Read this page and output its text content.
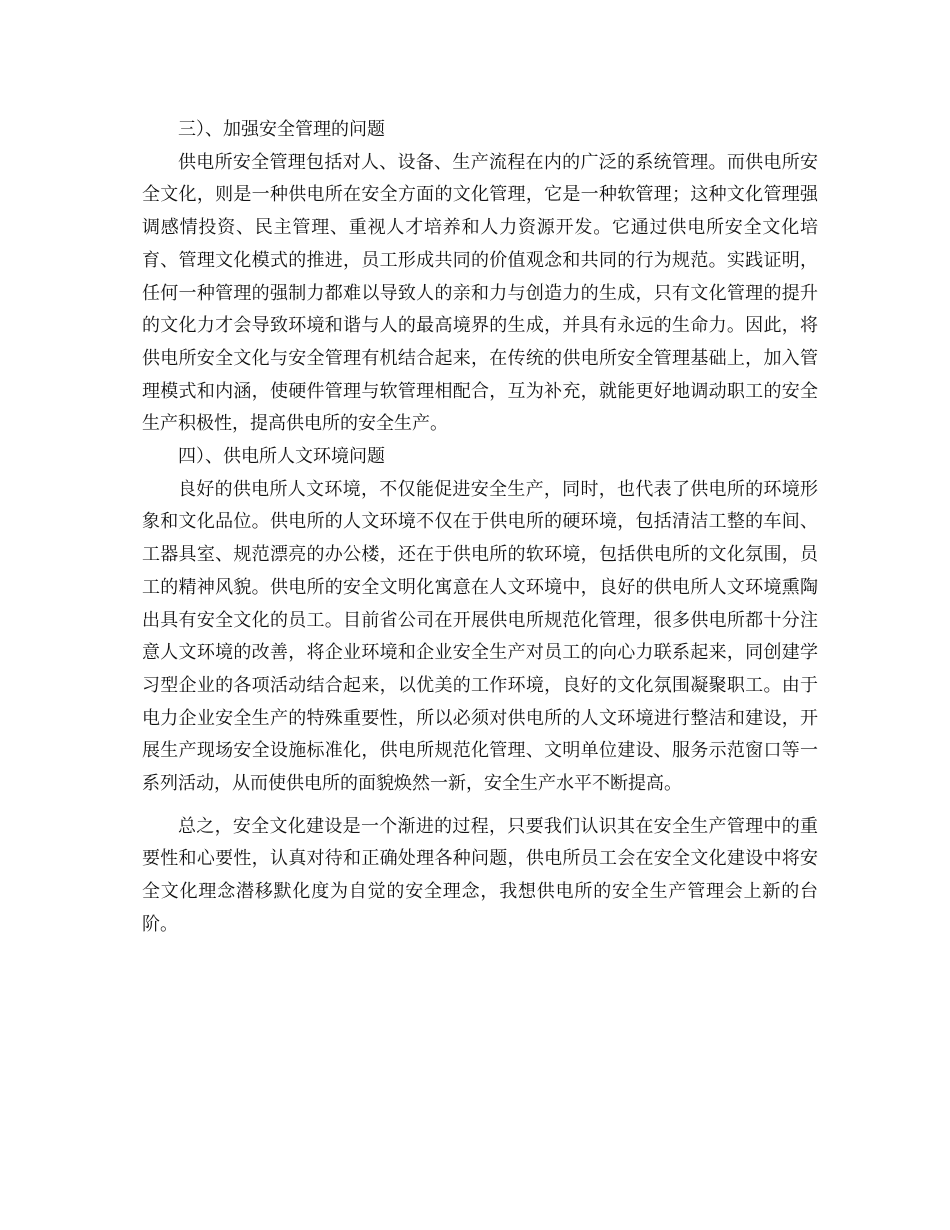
三）、加强安全管理的问题

供电所安全管理包括对人、设备、生产流程在内的广泛的系统管理。而供电所安全文化，则是一种供电所在安全方面的文化管理，它是一种软管理；这种文化管理强调感情投资、民主管理、重视人才培养和人力资源开发。它通过供电所安全文化培育、管理文化模式的推进，员工形成共同的价值观念和共同的行为规范。实践证明，任何一种管理的强制力都难以导致人的亲和力与创造力的生成，只有文化管理的提升的文化力才会导致环境和谐与人的最高境界的生成，并具有永远的生命力。因此，将供电所安全文化与安全管理有机结合起来，在传统的供电所安全管理基础上，加入管理模式和内涵，使硬件管理与软管理相配合，互为补充，就能更好地调动职工的安全生产积极性，提高供电所的安全生产。

四）、供电所人文环境问题

良好的供电所人文环境，不仅能促进安全生产，同时，也代表了供电所的环境形象和文化品位。供电所的人文环境不仅在于供电所的硬环境，包括清洁工整的车间、工器具室、规范漂亮的办公楼，还在于供电所的软环境，包括供电所的文化氛围，员工的精神风貌。供电所的安全文明化寓意在人文环境中，良好的供电所人文环境熏陶出具有安全文化的员工。目前省公司在开展供电所规范化管理，很多供电所都十分注意人文环境的改善，将企业环境和企业安全生产对员工的向心力联系起来，同创建学习型企业的各项活动结合起来，以优美的工作环境，良好的文化氛围凝聚职工。由于电力企业安全生产的特殊重要性，所以必须对供电所的人文环境进行整洁和建设，开展生产现场安全设施标准化，供电所规范化管理、文明单位建设、服务示范窗口等一系列活动，从而使供电所的面貌焕然一新，安全生产水平不断提高。

总之，安全文化建设是一个渐进的过程，只要我们认识其在安全生产管理中的重要性和心要性，认真对待和正确处理各种问题，供电所员工会在安全文化建设中将安全文化理念潜移默化度为自觉的安全理念，我想供电所的安全生产管理会上新的台阶。
